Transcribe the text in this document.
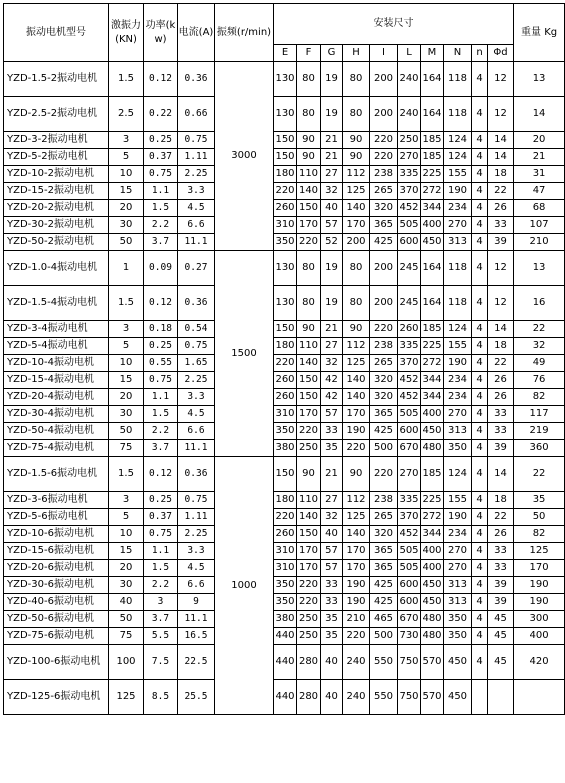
振动电机型号	激振力(KN)	功率(kw)	电流(A)	振频(r/min)	安装尺寸										重量 Kg
					E	F	G	H	I	L	M	N	n	Φd	
YZD-1.5-2振动电机	1.5	0.12	0.36	3000	130	80	19	80	200	240	164	118	4	12	13
YZD-2.5-2振动电机	2.5	0.22	0.66		130	80	19	80	200	240	164	118	4	12	14
YZD-3-2振动电机	3	0.25	0.75		150	90	21	90	220	250	185	124	4	14	20
YZD-5-2振动电机	5	0.37	1.11		150	90	21	90	220	270	185	124	4	14	21
YZD-10-2振动电机	10	0.75	2.25		180	110	27	112	238	335	225	155	4	18	31
YZD-15-2振动电机	15	1.1	3.3		220	140	32	125	265	370	272	190	4	22	47
YZD-20-2振动电机	20	1.5	4.5		260	150	40	140	320	452	344	234	4	26	68
YZD-30-2振动电机	30	2.2	6.6		310	170	57	170	365	505	400	270	4	33	107
YZD-50-2振动电机	50	3.7	11.1		350	220	52	200	425	600	450	313	4	39	210
YZD-1.0-4振动电机	1	0.09	0.27	1500	130	80	19	80	200	245	164	118	4	12	13
YZD-1.5-4振动电机	1.5	0.12	0.36		130	80	19	80	200	245	164	118	4	12	16
YZD-3-4振动电机	3	0.18	0.54		150	90	21	90	220	260	185	124	4	14	22
YZD-5-4振动电机	5	0.25	0.75		180	110	27	112	238	335	225	155	4	18	32
YZD-10-4振动电机	10	0.55	1.65		220	140	32	125	265	370	272	190	4	22	49
YZD-15-4振动电机	15	0.75	2.25		260	150	42	140	320	452	344	234	4	26	76
YZD-20-4振动电机	20	1.1	3.3		260	150	42	140	320	452	344	234	4	26	82
YZD-30-4振动电机	30	1.5	4.5		310	170	57	170	365	505	400	270	4	33	117
YZD-50-4振动电机	50	2.2	6.6		350	220	33	190	425	600	450	313	4	33	219
YZD-75-4振动电机	75	3.7	11.1		380	250	35	220	500	670	480	350	4	39	360
YZD-1.5-6振动电机	1.5	0.12	0.36	1000	150	90	21	90	220	270	185	124	4	14	22
YZD-3-6振动电机	3	0.25	0.75		180	110	27	112	238	335	225	155	4	18	35
YZD-5-6振动电机	5	0.37	1.11		220	140	32	125	265	370	272	190	4	22	50
YZD-10-6振动电机	10	0.75	2.25		260	150	40	140	320	452	344	234	4	26	82
YZD-15-6振动电机	15	1.1	3.3		310	170	57	170	365	505	400	270	4	33	125
YZD-20-6振动电机	20	1.5	4.5		310	170	57	170	365	505	400	270	4	33	170
YZD-30-6振动电机	30	2.2	6.6		350	220	33	190	425	600	450	313	4	39	190
YZD-40-6振动电机	40	3	9		350	220	33	190	425	600	450	313	4	39	190
YZD-50-6振动电机	50	3.7	11.1		380	250	35	210	465	670	480	350	4	45	300
YZD-75-6振动电机	75	5.5	16.5		440	250	35	220	500	730	480	350	4	45	400
YZD-100-6振动电机	100	7.5	22.5		440	280	40	240	550	750	570	450	4	45	420
YZD-125-6振动电机	125	8.5	25.5		440	280	40	240	550	750	570	450			
